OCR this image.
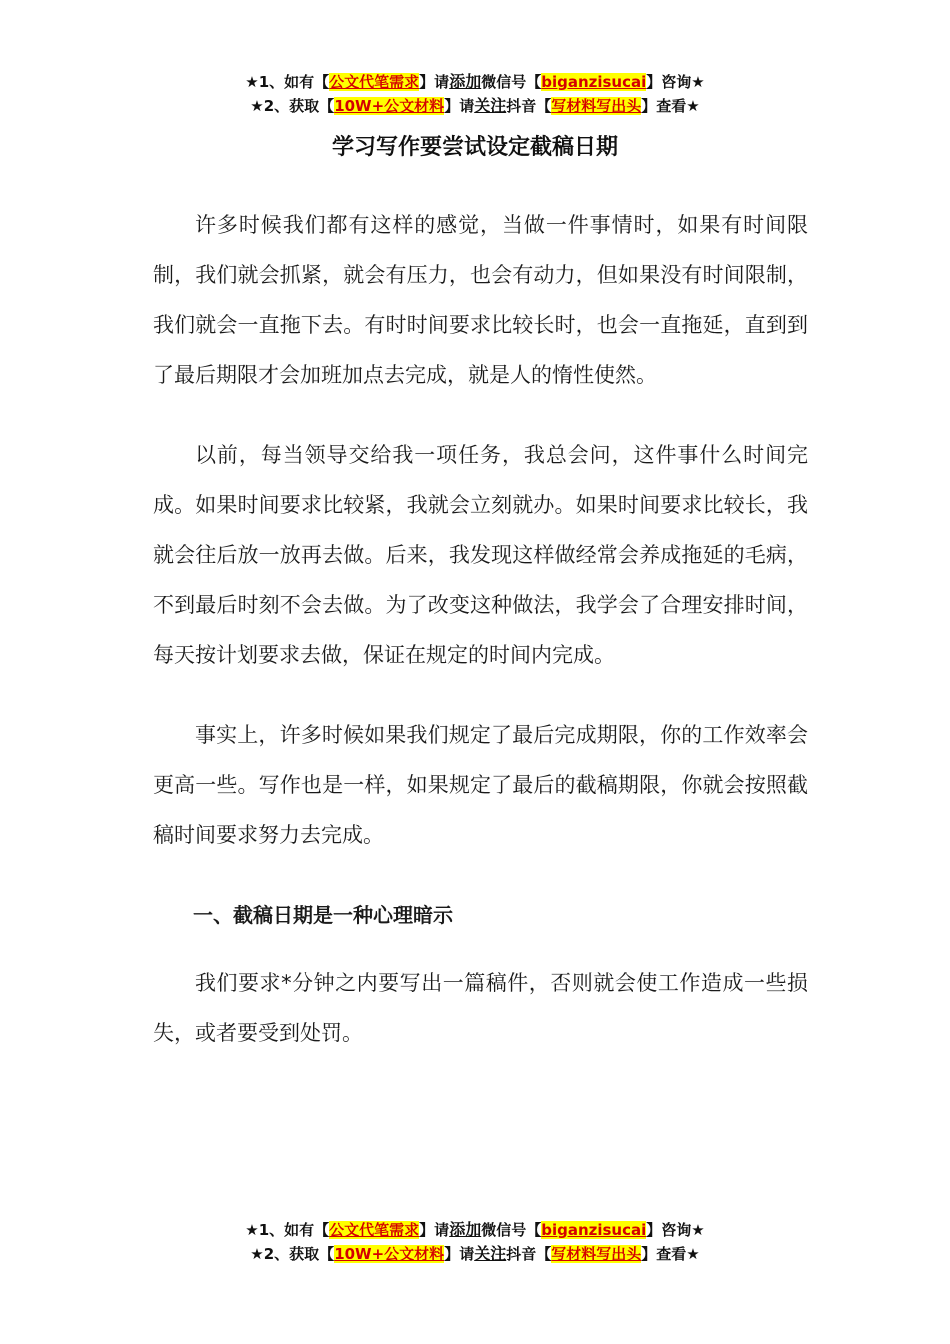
★1、如有【公文代笔需求】请添加微信号【biganzisucai】咨询★
★2、获取【10W+公文材料】请关注抖音【写材料写出头】查看★
学习写作要尝试设定截稿日期

许多时候我们都有这样的感觉，当做一件事情时，如果有时间限制，我们就会抓紧，就会有压力，也会有动力，但如果没有时间限制，我们就会一直拖下去。有时时间要求比较长时，也会一直拖延，直到到了最后期限才会加班加点去完成，就是人的惰性使然。

以前，每当领导交给我一项任务，我总会问，这件事什么时间完成。如果时间要求比较紧，我就会立刻就办。如果时间要求比较长，我就会往后放一放再去做。后来，我发现这样做经常会养成拖延的毛病，不到最后时刻不会去做。为了改变这种做法，我学会了合理安排时间，每天按计划要求去做，保证在规定的时间内完成。

事实上，许多时候如果我们规定了最后完成期限，你的工作效率会更高一些。写作也是一样，如果规定了最后的截稿期限，你就会按照截稿时间要求努力去完成。

一、截稿日期是一种心理暗示

我们要求*分钟之内要写出一篇稿件，否则就会使工作造成一些损失，或者要受到处罚。

★1、如有【公文代笔需求】请添加微信号【biganzisucai】咨询★
★2、获取【10W+公文材料】请关注抖音【写材料写出头】查看★
